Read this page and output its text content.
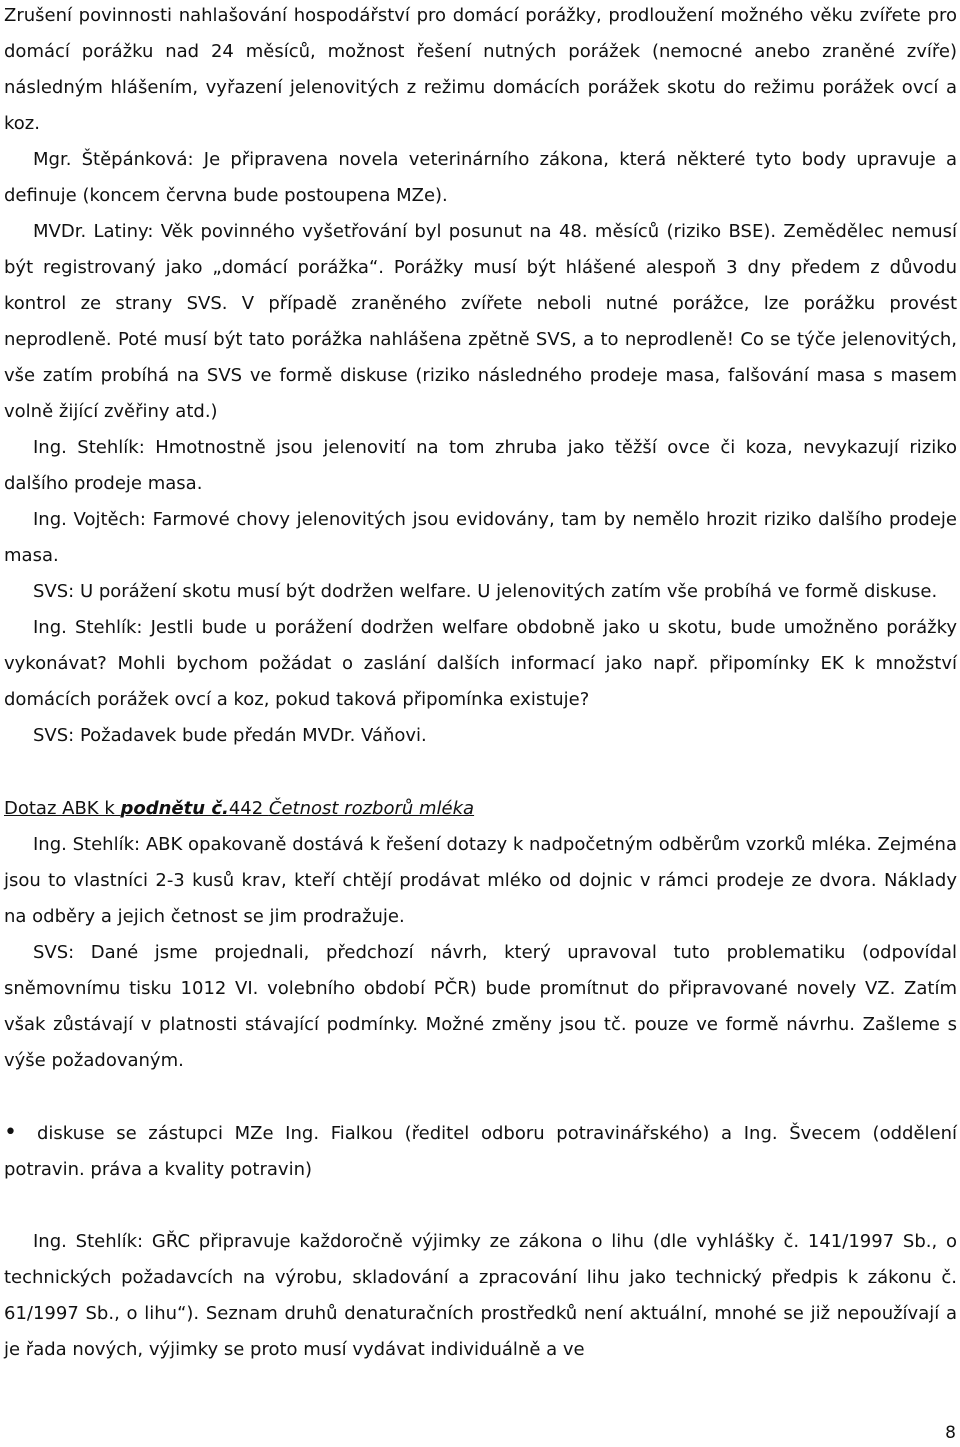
Zrušení povinnosti nahlašování hospodářství pro domácí porážky, prodloužení možného věku zvířete pro domácí porážku nad 24 měsíců, možnost řešení nutných porážek (nemocné anebo zraněné zvíře) následným hlášením, vyřazení jelenovitých z režimu domácích porážek skotu do režimu porážek ovcí a koz.

Mgr. Štěpánková: Je připravena novela veterinárního zákona, která některé tyto body upravuje a definuje (koncem června bude postoupena MZe).

MVDr. Latiny: Věk povinného vyšetřování byl posunut na 48. měsíců (riziko BSE). Zemědělec nemusí být registrovaný jako „domácí porážka“. Porážky musí být hlášené alespoň 3 dny předem z důvodu kontrol ze strany SVS. V případě zraněného zvířete neboli nutné porážce, lze porážku provést neprodleně. Poté musí být tato porážka nahlášena zpětně SVS, a to neprodleně! Co se týče jelenovitých, vše zatím probíhá na SVS ve formě diskuse (riziko následného prodeje masa, falšování masa s masem volně žijící zvěřiny atd.)

Ing. Stehlík: Hmotnostně jsou jelenovití na tom zhruba jako těžší ovce či koza, nevykazují riziko dalšího prodeje masa.

Ing. Vojtěch: Farmové chovy jelenovitých jsou evidovány, tam by nemělo hrozit riziko dalšího prodeje masa.

SVS: U porážení skotu musí být dodržen welfare. U jelenovitých zatím vše probíhá ve formě diskuse.

Ing. Stehlík: Jestli bude u porážení dodržen welfare obdobně jako u skotu, bude umožněno porážky vykonávat? Mohli bychom požádat o zaslání dalších informací jako např. připomínky EK k množství domácích porážek ovcí a koz, pokud taková připomínka existuje?

SVS: Požadavek bude předán MVDr. Váňovi.

Dotaz ABK k podnětu č.442 Četnost rozborů mléka

Ing. Stehlík: ABK opakovaně dostává k řešení dotazy k nadpočetným odběrům vzorků mléka. Zejména jsou to vlastníci 2-3 kusů krav, kteří chtějí prodávat mléko od dojnic v rámci prodeje ze dvora. Náklady na odběry a jejich četnost se jim prodražuje.

SVS: Dané jsme projednali, předchozí návrh, který upravoval tuto problematiku (odpovídal sněmovnímu tisku 1012 VI. volebního období PČR) bude promítnut do připravované novely VZ. Zatím však zůstávají v platnosti stávající podmínky. Možné změny jsou tč. pouze ve formě návrhu. Zašleme s výše požadovaným.

• diskuse se zástupci MZe Ing. Fialkou (ředitel odboru potravinářského) a Ing. Švecem (oddělení potravin. práva a kvality potravin)

Ing. Stehlík: GŘC připravuje každoročně výjimky ze zákona o lihu (dle vyhlášky č. 141/1997 Sb., o technických požadavcích na výrobu, skladování a zpracování lihu jako technický předpis k zákonu č. 61/1997 Sb., o lihu“). Seznam druhů denaturačních prostředků není aktuální, mnohé se již nepoužívají a je řada nových, výjimky se proto musí vydávat individuálně a ve

8
